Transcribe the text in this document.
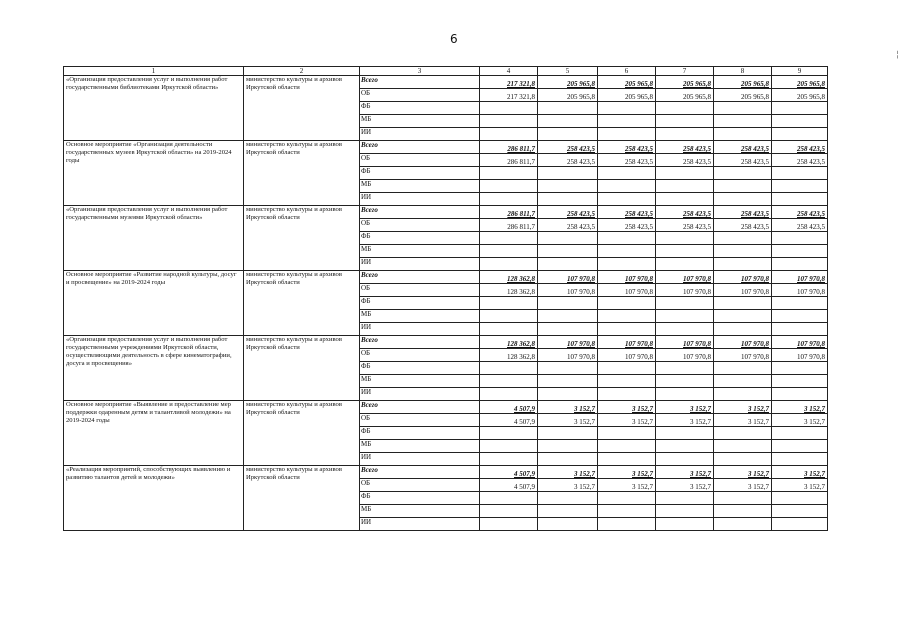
6
1	2	3	4	5	6	7	8	9
«Организация предоставления услуг и выполнения работ государственными библиотеками Иркутской области»	министерство культуры и архивов Иркутской области	Всего	217 321,8	205 965,8	205 965,8	205 965,8	205 965,8	205 965,8
		ОБ	217 321,8	205 965,8	205 965,8	205 965,8	205 965,8	205 965,8
		ФБ						
		МБ						
		ИИ						
Основное мероприятие «Организация деятельности государственных музеев Иркутской области» на 2019-2024 годы	министерство культуры и архивов Иркутской области	Всего	286 811,7	258 423,5	258 423,5	258 423,5	258 423,5	258 423,5
		ОБ	286 811,7	258 423,5	258 423,5	258 423,5	258 423,5	258 423,5
		ФБ						
		МБ						
		ИИ						
«Организация предоставления услуг и выполнения работ государственными музеями Иркутской области»	министерство культуры и архивов Иркутской области	Всего	286 811,7	258 423,5	258 423,5	258 423,5	258 423,5	258 423,5
		ОБ	286 811,7	258 423,5	258 423,5	258 423,5	258 423,5	258 423,5
		ФБ						
		МБ						
		ИИ						
Основное мероприятие «Развитие народной культуры, досуг и просвещение» на 2019-2024 годы	министерство культуры и архивов Иркутской области	Всего	128 362,8	107 970,8	107 970,8	107 970,8	107 970,8	107 970,8
		ОБ	128 362,8	107 970,8	107 970,8	107 970,8	107 970,8	107 970,8
		ФБ						
		МБ						
		ИИ						
«Организация предоставления услуг и выполнения работ государственными учреждениями Иркутской области, осуществляющими деятельность в сфере кинематографии, досуга и просвещения»	министерство культуры и архивов Иркутской области	Всего	128 362,8	107 970,8	107 970,8	107 970,8	107 970,8	107 970,8
		ОБ	128 362,8	107 970,8	107 970,8	107 970,8	107 970,8	107 970,8
		ФБ						
		МБ						
		ИИ						
Основное мероприятие «Выявление и предоставление мер поддержки одаренным детям и талантливой молодежи» на 2019-2024 годы	министерство культуры и архивов Иркутской области	Всего	4 507,9	3 152,7	3 152,7	3 152,7	3 152,7	3 152,7
		ОБ	4 507,9	3 152,7	3 152,7	3 152,7	3 152,7	3 152,7
		ФБ						
		МБ						
		ИИ						
«Реализация мероприятий, способствующих выявлению и развитию талантов детей и молодежи»	министерство культуры и архивов Иркутской области	Всего	4 507,9	3 152,7	3 152,7	3 152,7	3 152,7	3 152,7
		ОБ	4 507,9	3 152,7	3 152,7	3 152,7	3 152,7	3 152,7
		ФБ						
		МБ						
		ИИ						
¦
